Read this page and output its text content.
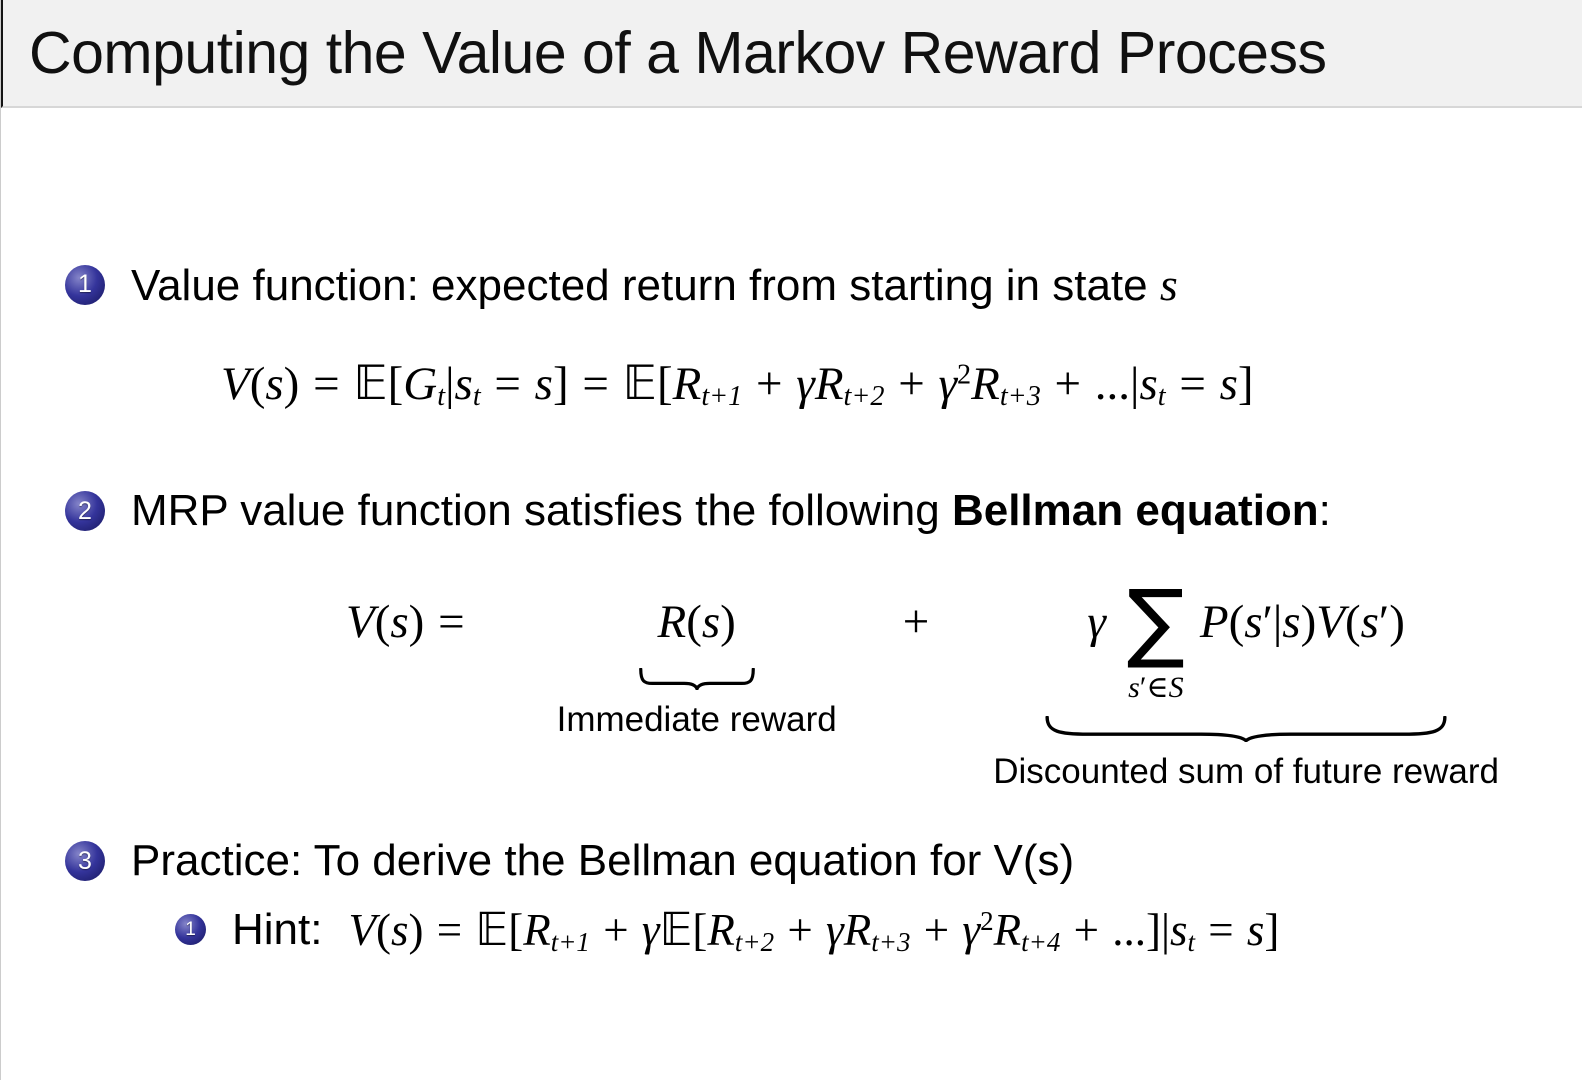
Computing the Value of a Markov Reward Process
1 Value function: expected return from starting in state s
V(s) = 𝔼[Gt|st = s] = 𝔼[Rt+1 + $\gamma Rt+2 + \gamma^2Rt+3 + ...|st = s$]
2 MRP value function satisfies the following Bellman equation:
V(s) =	R(s)
Immediate reward
+	γ ∑
s′∈S
P(s′|s)V(s′)
Discounted sum of future reward
3 Practice: To derive the Bellman equation for V(s)
1 Hint: V(s) = 𝔼[Rt+1 + γ𝔼[Rt+2 + $\gamma Rt+3 + \gamma^2Rt+4 + ...]|st = s$]
